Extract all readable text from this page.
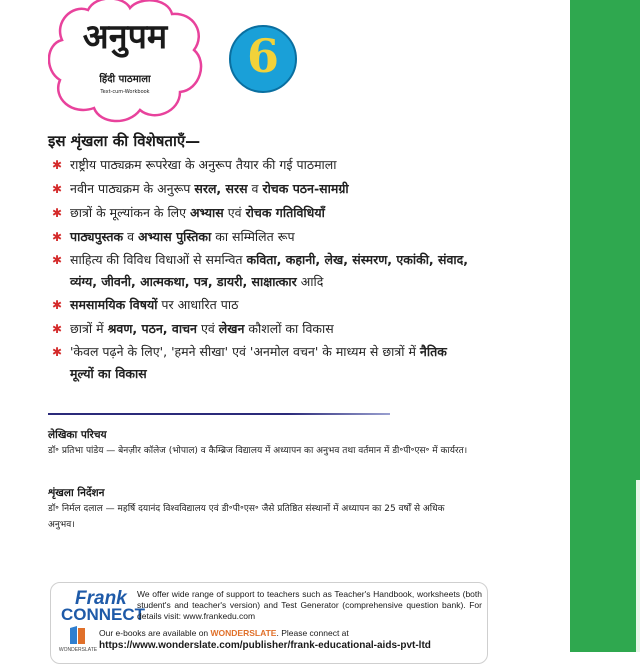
अनुपम
हिंदी पाठमाला
Text-cum-Workbook
6
इस शृंखला की विशेषताएँ—
✱ राष्ट्रीय पाठ्यक्रम रूपरेखा के अनुरूप तैयार की गई पाठमाला
✱ नवीन पाठ्यक्रम के अनुरूप सरल, सरस व रोचक पठन-सामग्री
✱ छात्रों के मूल्यांकन के लिए अभ्यास एवं रोचक गतिविधियाँ
✱ पाठ्यपुस्तक व अभ्यास पुस्तिका का सम्मिलित रूप
✱ साहित्य की विविध विधाओं से समन्वित कविता, कहानी, लेख, संस्मरण, एकांकी, संवाद, व्यंग्य, जीवनी, आत्मकथा, पत्र, डायरी, साक्षात्कार आदि
✱ समसामयिक विषयों पर आधारित पाठ
✱ छात्रों में श्रवण, पठन, वाचन एवं लेखन कौशलों का विकास
✱ 'केवल पढ़ने के लिए', 'हमने सीखा' एवं 'अनमोल वचन' के माध्यम से छात्रों में नैतिक मूल्यों का विकास
लेखिका परिचय
डॉ॰ प्रतिभा पांडेय — बेनज़ीर कॉलेज (भोपाल) व कैम्ब्रिज विद्यालय में अध्यापन का अनुभव तथा वर्तमान में डी॰पी॰एस॰ में कार्यरत।
शृंखला निर्देशन
डॉ॰ निर्मल दलाल — महर्षि दयानंद विश्वविद्यालय एवं डी॰पी॰एस॰ जैसे प्रतिष्ठित संस्थानों में अध्यापन का 25 वर्षों से अधिक अनुभव।
Frank
CONNECT
We offer wide range of support to teachers such as Teacher's Handbook, worksheets (both student's and teacher's version) and Test Generator (comprehensive question bank). For details visit: www.frankedu.com
WONDERSLATE
Our e-books are available on WONDERSLATE. Please connect at
https://www.wonderslate.com/publisher/frank-educational-aids-pvt-ltd
